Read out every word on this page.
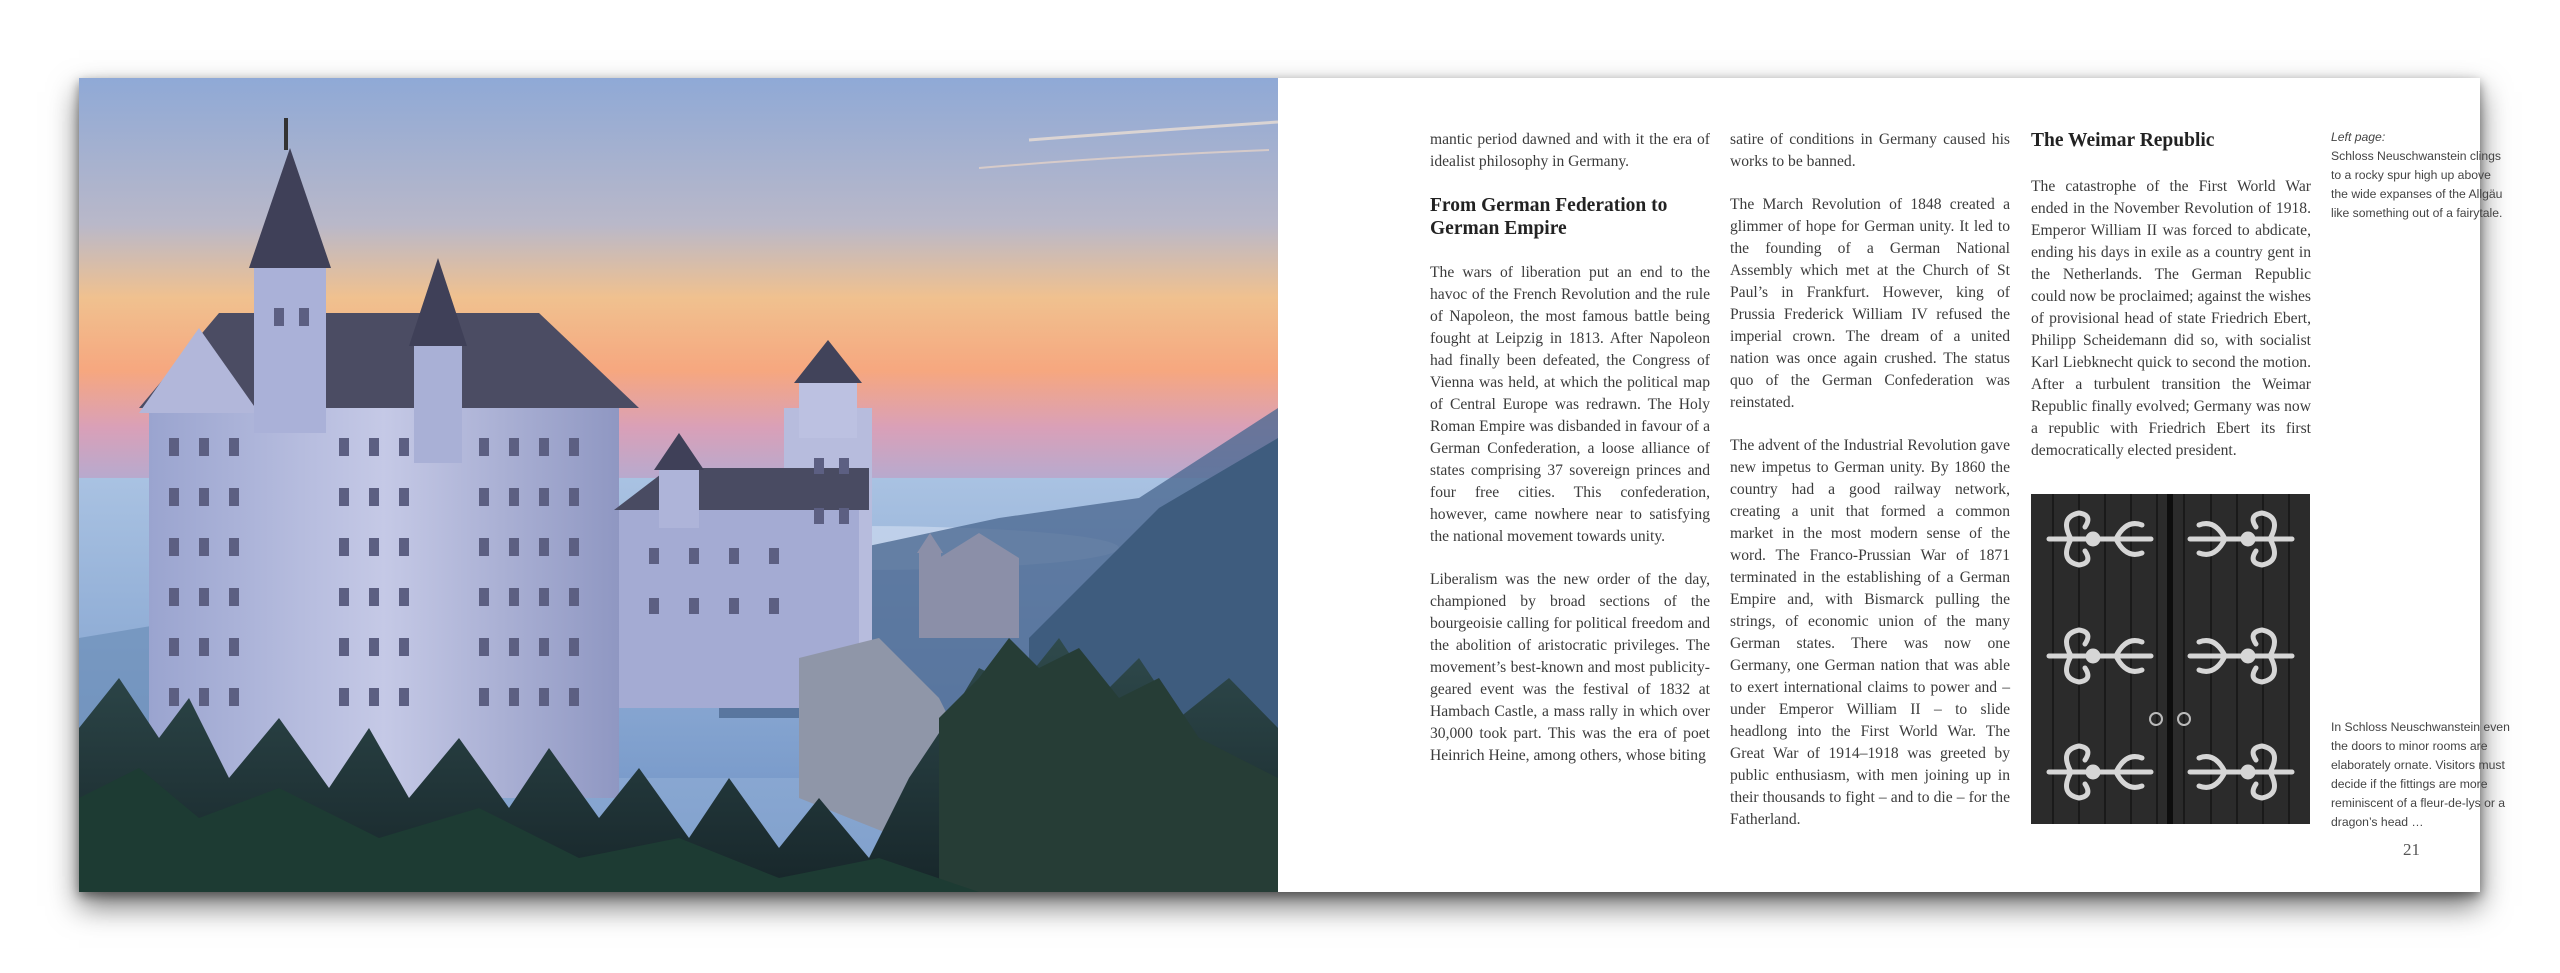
mantic period dawned and with it the era of idealist philosophy in Germany.

From German Federation to German Empire

The wars of liberation put an end to the havoc of the French Revolution and the rule of Napoleon, the most famous battle being fought at Leipzig in 1813. After Napoleon had finally been defeated, the Congress of Vienna was held, at which the political map of Central Europe was redrawn. The Holy Roman Empire was disbanded in favour of a German Confederation, a loose alliance of states comprising 37 sovereign princes and four free cities. This confederation, however, came nowhere near to satisfying the national movement towards unity.

Liberalism was the new order of the day, championed by broad sections of the bourgeoisie calling for political freedom and the abolition of aristocratic privileges. The movement’s best-known and most publicity-geared event was the festival of 1832 at Hambach Castle, a mass rally in which over 30,000 took part. This was the era of poet Heinrich Heine, among others, whose biting

satire of conditions in Germany caused his works to be banned.

The March Revolution of 1848 created a glimmer of hope for German unity. It led to the founding of a German National Assembly which met at the Church of St Paul’s in Frankfurt. However, king of Prussia Frederick William IV refused the imperial crown. The dream of a united nation was once again crushed. The status quo of the German Confederation was reinstated.

The advent of the Industrial Revolution gave new impetus to German unity. By 1860 the country had a good railway network, creating a unit that formed a common market in the most modern sense of the word. The Franco-Prussian War of 1871 terminated in the establishing of a German Empire and, with Bismarck pulling the strings, of economic union of the many German states. There was now one Germany, one German nation that was able to exert international claims to power and – under Emperor William II – to slide headlong into the First World War. The Great War of 1914–1918 was greeted by public enthusiasm, with men joining up in their thousands to fight – and to die – for the Fatherland.

The Weimar Republic

The catastrophe of the First World War ended in the November Revolution of 1918. Emperor William II was forced to abdicate, ending his days in exile as a country gent in the Netherlands. The German Republic could now be proclaimed; against the wishes of provisional head of state Friedrich Ebert, Philipp Scheidemann did so, with socialist Karl Liebknecht quick to second the motion. After a turbulent transition the Weimar Republic finally evolved; Germany was now a republic with Friedrich Ebert its first democratically elected president.

Left page:
Schloss Neuschwanstein clings to a rocky spur high up above the wide expanses of the Allgäu like something out of a fairytale.
In Schloss Neuschwanstein even the doors to minor rooms are elaborately ornate. Visitors must decide if the fittings are more reminiscent of a fleur-de-lys or a dragon’s head …
21
